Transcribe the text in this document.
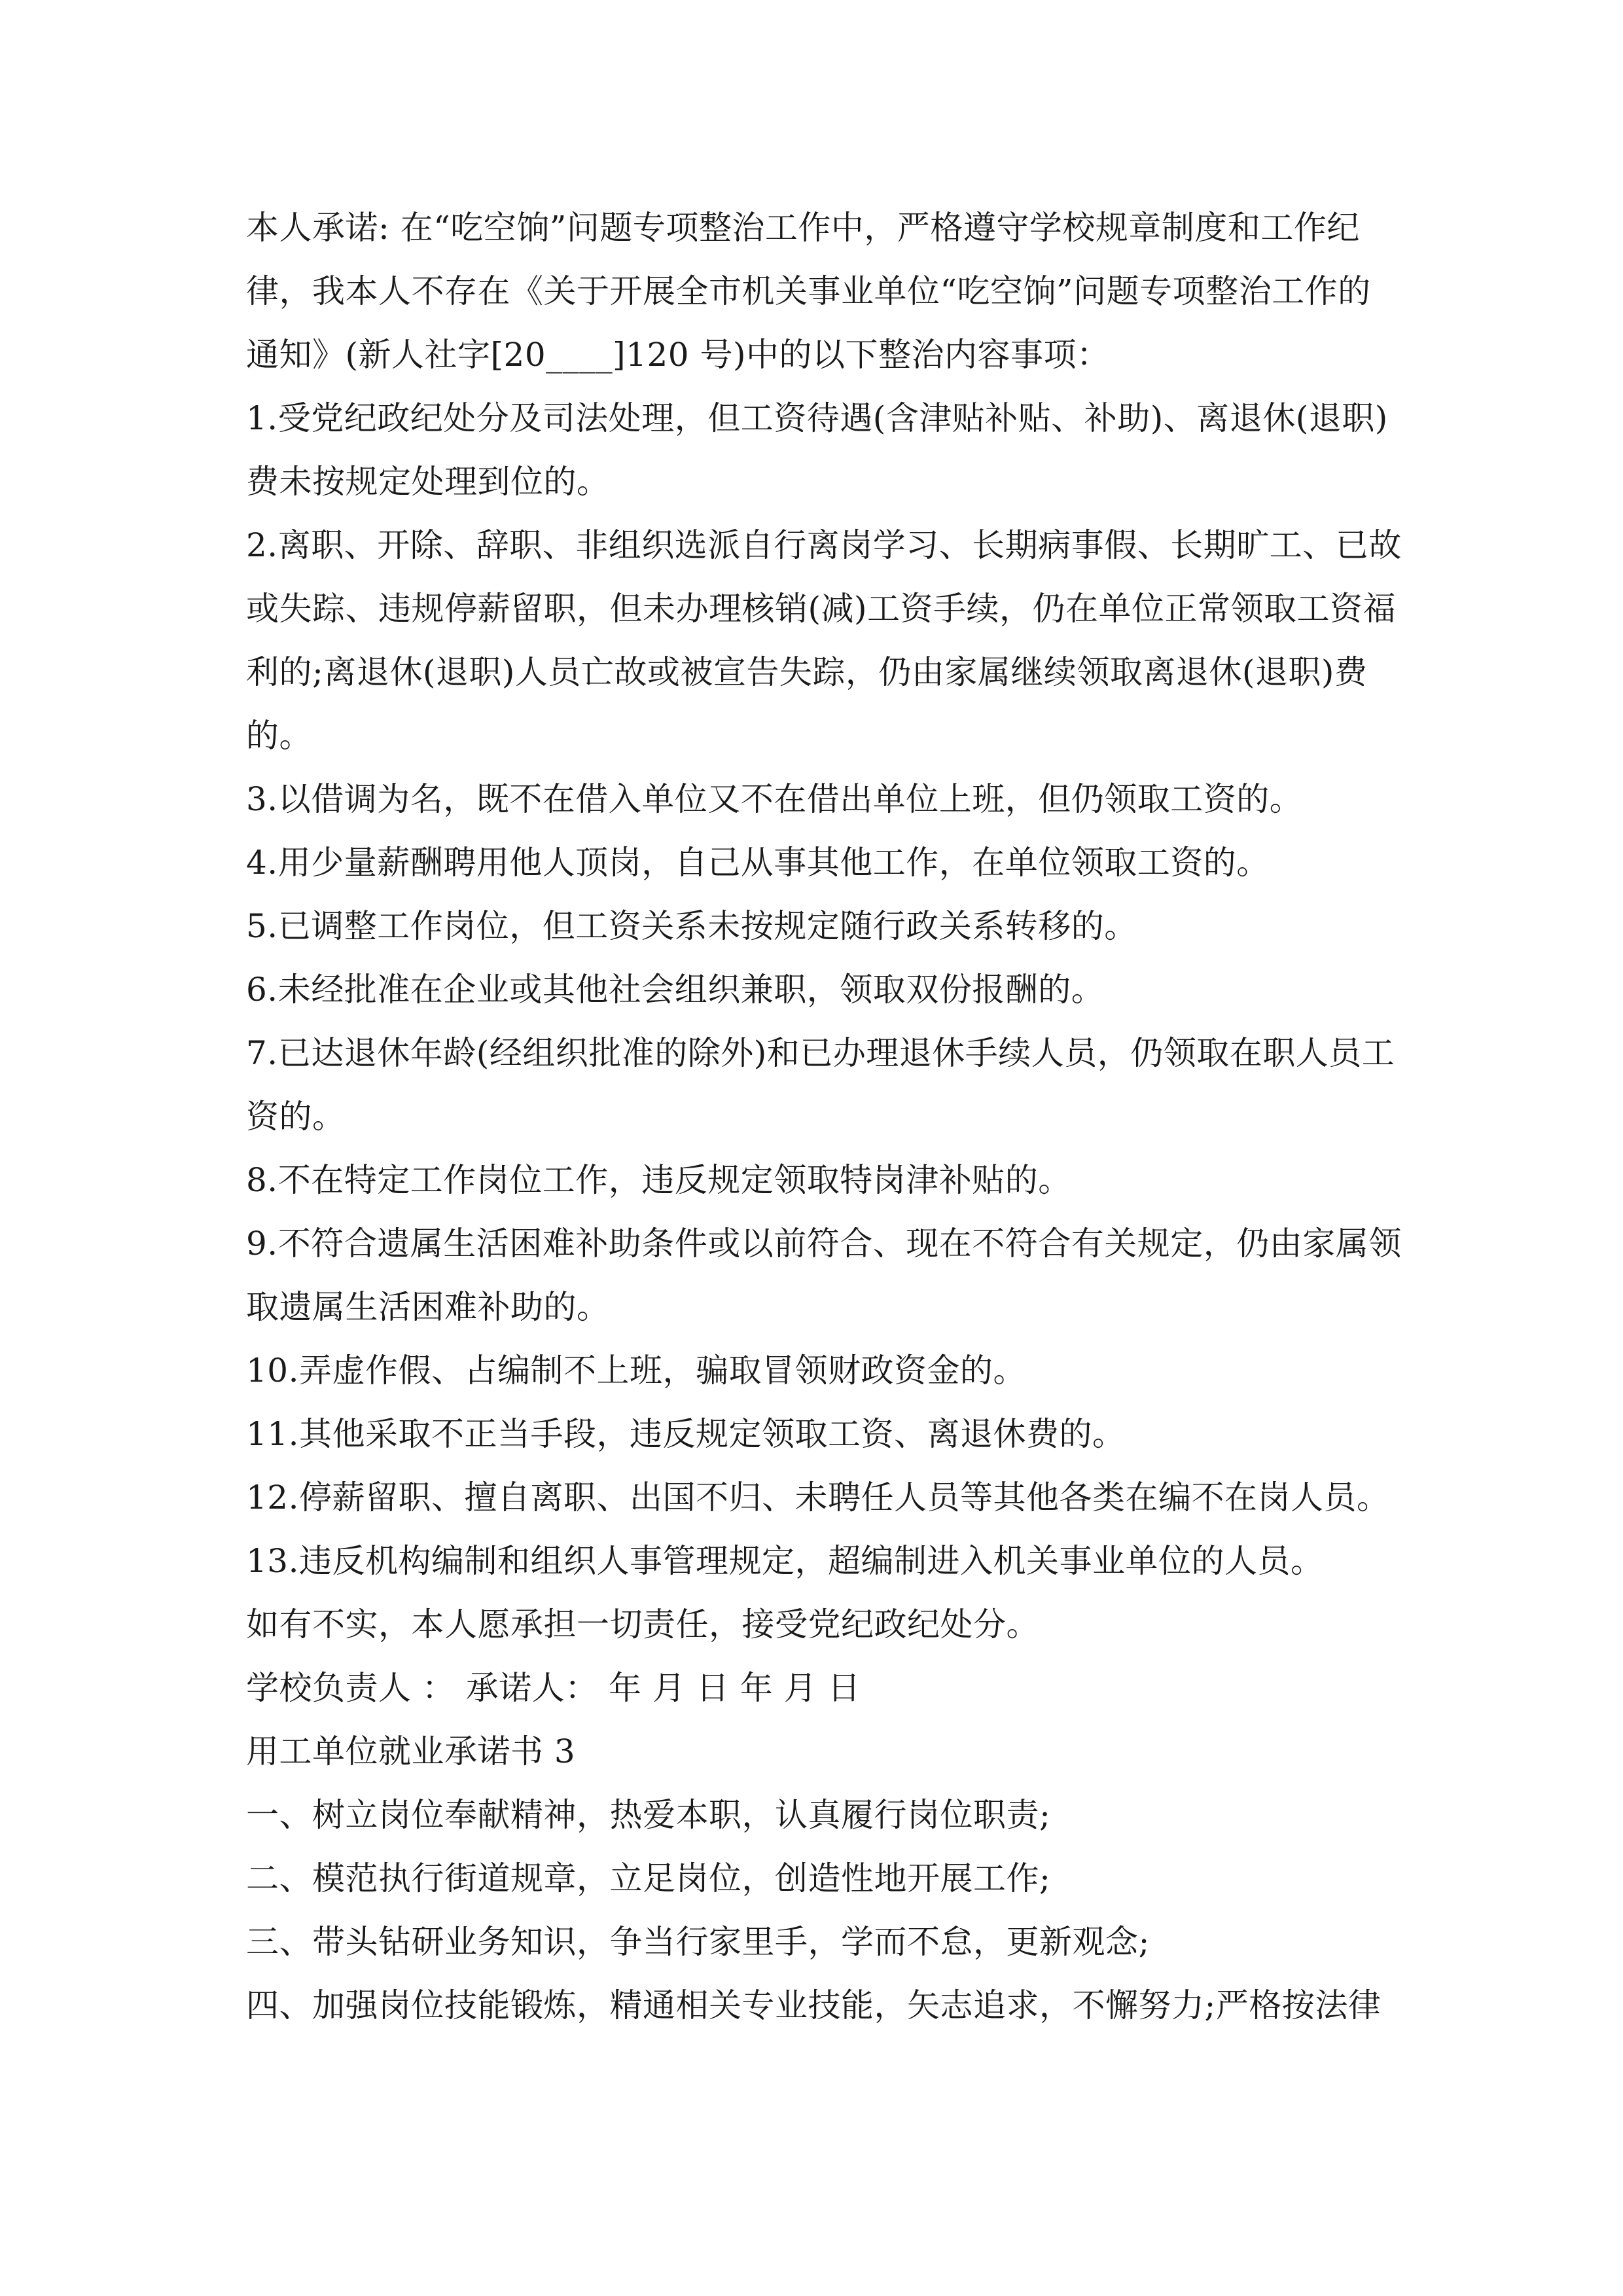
本人承诺: 在“吃空饷”问题专项整治工作中，严格遵守学校规章制度和工作纪
律，我本人不存在《关于开展全市机关事业单位“吃空饷”问题专项整治工作的
通知》(新人社字[20____]120 号)中的以下整治内容事项：
1.受党纪政纪处分及司法处理，但工资待遇(含津贴补贴、补助)、离退休(退职)
费未按规定处理到位的。
2.离职、开除、辞职、非组织选派自行离岗学习、长期病事假、长期旷工、已故
或失踪、违规停薪留职，但未办理核销(减)工资手续，仍在单位正常领取工资福
利的;离退休(退职)人员亡故或被宣告失踪，仍由家属继续领取离退休(退职)费
的。
3.以借调为名，既不在借入单位又不在借出单位上班，但仍领取工资的。
4.用少量薪酬聘用他人顶岗，自己从事其他工作，在单位领取工资的。
5.已调整工作岗位，但工资关系未按规定随行政关系转移的。
6.未经批准在企业或其他社会组织兼职，领取双份报酬的。
7.已达退休年龄(经组织批准的除外)和已办理退休手续人员，仍领取在职人员工
资的。
8.不在特定工作岗位工作，违反规定领取特岗津补贴的。
9.不符合遗属生活困难补助条件或以前符合、现在不符合有关规定，仍由家属领
取遗属生活困难补助的。
10.弄虚作假、占编制不上班，骗取冒领财政资金的。
11.其他采取不正当手段，违反规定领取工资、离退休费的。
12.停薪留职、擅自离职、出国不归、未聘任人员等其他各类在编不在岗人员。
13.违反机构编制和组织人事管理规定，超编制进入机关事业单位的人员。
如有不实，本人愿承担一切责任，接受党纪政纪处分。
学校负责人 ： 承诺人： 年 月 日 年 月 日
用工单位就业承诺书 3
一、树立岗位奉献精神，热爱本职，认真履行岗位职责;
二、模范执行街道规章，立足岗位，创造性地开展工作;
三、带头钻研业务知识，争当行家里手，学而不怠，更新观念;
四、加强岗位技能锻炼，精通相关专业技能，矢志追求，不懈努力;严格按法律
